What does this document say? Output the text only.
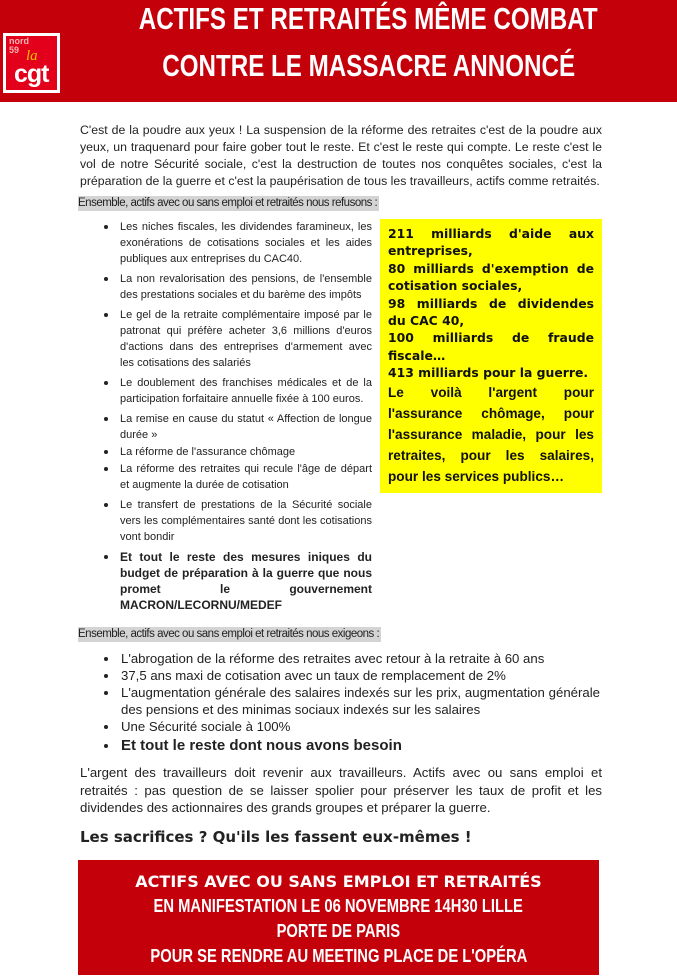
nord 59 la
cgt
ACTIFS ET RETRAITÉS MÊME COMBAT
CONTRE LE MASSACRE ANNONCÉ

C'est de la poudre aux yeux ! La suspension de la réforme des retraites c'est de la poudre aux yeux, un traquenard pour faire gober tout le reste. Et c'est le reste qui compte. Le reste c'est le vol de notre Sécurité sociale, c'est la destruction de toutes nos conquêtes sociales, c'est la préparation de la guerre et c'est la paupérisation de tous les travailleurs, actifs comme retraités.

Ensemble, actifs avec ou sans emploi et retraités nous refusons :
Les niches fiscales, les dividendes faramineux, les exonérations de cotisations sociales et les aides publiques aux entreprises du CAC40.
La non revalorisation des pensions, de l'ensemble des prestations sociales et du barème des impôts
Le gel de la retraite complémentaire imposé par le patronat qui préfère acheter 3,6 millions d'euros d'actions dans des entreprises d'armement avec les cotisations des salariés
Le doublement des franchises médicales et de la participation forfaitaire annuelle fixée à 100 euros.
La remise en cause du statut « Affection de longue durée »
La réforme de l'assurance chômage
La réforme des retraites qui recule l'âge de départ et augmente la durée de cotisation
Le transfert de prestations de la Sécurité sociale vers les complémentaires santé dont les cotisations vont bondir
Et tout le reste des mesures iniques du budget de préparation à la guerre que nous promet le gouvernement MACRON/LECORNU/MEDEF
211 milliards d'aide aux entreprises,
80 milliards d'exemption de cotisation sociales,
98 milliards de dividendes du CAC 40,
100 milliards de fraude fiscale…
413 milliards pour la guerre.
Le voilà l'argent pour l'assurance chômage, pour l'assurance maladie, pour les retraites, pour les salaires, pour les services publics…
Ensemble, actifs avec ou sans emploi et retraités nous exigeons :
L'abrogation de la réforme des retraites avec retour à la retraite à 60 ans
37,5 ans maxi de cotisation avec un taux de remplacement de 2%
L'augmentation générale des salaires indexés sur les prix, augmentation générale des pensions et des minimas sociaux indexés sur les salaires
Une Sécurité sociale à 100%
Et tout le reste dont nous avons besoin
L'argent des travailleurs doit revenir aux travailleurs. Actifs avec ou sans emploi et retraités : pas question de se laisser spolier pour préserver les taux de profit et les dividendes des actionnaires des grands groupes et préparer la guerre.
Les sacrifices ? Qu'ils les fassent eux-mêmes !
ACTIFS AVEC OU SANS EMPLOI ET RETRAITÉS
EN MANIFESTATION LE 06 NOVEMBRE 14H30 LILLE
PORTE DE PARIS
POUR SE RENDRE AU MEETING PLACE DE L'OPÉRA
